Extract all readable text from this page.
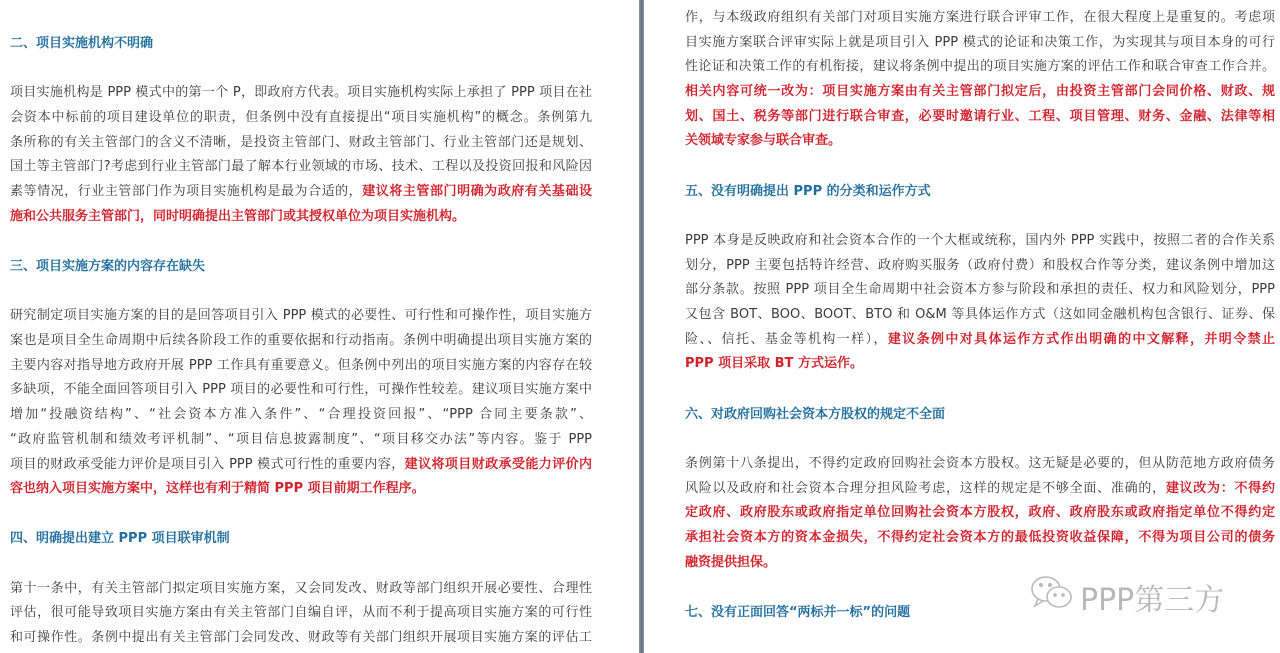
二、项目实施机构不明确
项目实施机构是 PPP 模式中的第一个 P，即政府方代表。项目实施机构实际上承担了 PPP 项目在社
会资本中标前的项目建设单位的职责，但条例中没有直接提出“项目实施机构”的概念。条例第九
条所称的有关主管部门的含义不清晰，是投资主管部门、财政主管部门、行业主管部门还是规划、
国土等主管部门?考虑到行业主管部门最了解本行业领域的市场、技术、工程以及投资回报和风险因
素等情况，行业主管部门作为项目实施机构是最为合适的，建议将主管部门明确为政府有关基础设
施和公共服务主管部门，同时明确提出主管部门或其授权单位为项目实施机构。
三、项目实施方案的内容存在缺失
研究制定项目实施方案的目的是回答项目引入 PPP 模式的必要性、可行性和可操作性，项目实施方
案也是项目全生命周期中后续各阶段工作的重要依据和行动指南。条例中明确提出项目实施方案的
主要内容对指导地方政府开展 PPP 工作具有重要意义。但条例中列出的项目实施方案的内容存在较
多缺项，不能全面回答项目引入 PPP 项目的必要性和可行性，可操作性较差。建议项目实施方案中
增加“投融资结构”、“社会资本方准入条件”、“合理投资回报”、“PPP 合同主要条款”、
“政府监管机制和绩效考评机制”、“项目信息披露制度”、“项目移交办法”等内容。鉴于 PPP
项目的财政承受能力评价是项目引入 PPP 模式可行性的重要内容，建议将项目财政承受能力评价内
容也纳入项目实施方案中，这样也有利于精简 PPP 项目前期工作程序。
四、明确提出建立 PPP 项目联审机制
第十一条中，有关主管部门拟定项目实施方案，又会同发改、财政等部门组织开展必要性、合理性
评估，很可能导致项目实施方案由有关主管部门自编自评，从而不利于提高项目实施方案的可行性
和可操作性。条例中提出有关主管部门会同发改、财政等有关部门组织开展项目实施方案的评估工
作，与本级政府组织有关部门对项目实施方案进行联合评审工作，在很大程度上是重复的。考虑项
目实施方案联合评审实际上就是项目引入 PPP 模式的论证和决策工作，为实现其与项目本身的可行
性论证和决策工作的有机衔接，建议将条例中提出的项目实施方案的评估工作和联合审查工作合并。
相关内容可统一改为：项目实施方案由有关主管部门拟定后，由投资主管部门会同价格、财政、规
划、国土、税务等部门进行联合审查，必要时邀请行业、工程、项目管理、财务、金融、法律等相
关领域专家参与联合审查。
五、没有明确提出 PPP 的分类和运作方式
PPP 本身是反映政府和社会资本合作的一个大框或统称，国内外 PPP 实践中，按照二者的合作关系
划分，PPP 主要包括特许经营、政府购买服务（政府付费）和股权合作等分类，建议条例中增加这
部分条款。按照 PPP 项目全生命周期中社会资本方参与阶段和承担的责任、权力和风险划分，PPP
又包含 BOT、BOO、BOOT、BTO 和 O&M 等具体运作方式（这如同金融机构包含银行、证券、保
险、、信托、基金等机构一样），建议条例中对具体运作方式作出明确的中文解释，并明令禁止
PPP 项目采取 BT 方式运作。
六、对政府回购社会资本方股权的规定不全面
条例第十八条提出，不得约定政府回购社会资本方股权。这无疑是必要的，但从防范地方政府债务
风险以及政府和社会资本合理分担风险考虑，这样的规定是不够全面、准确的，建议改为：不得约
定政府、政府股东或政府指定单位回购社会资本方股权，政府、政府股东或政府指定单位不得约定
承担社会资本方的资本金损失，不得约定社会资本方的最低投资收益保障，不得为项目公司的债务
融资提供担保。
七、没有正面回答“两标并一标”的问题	PPP第三方
